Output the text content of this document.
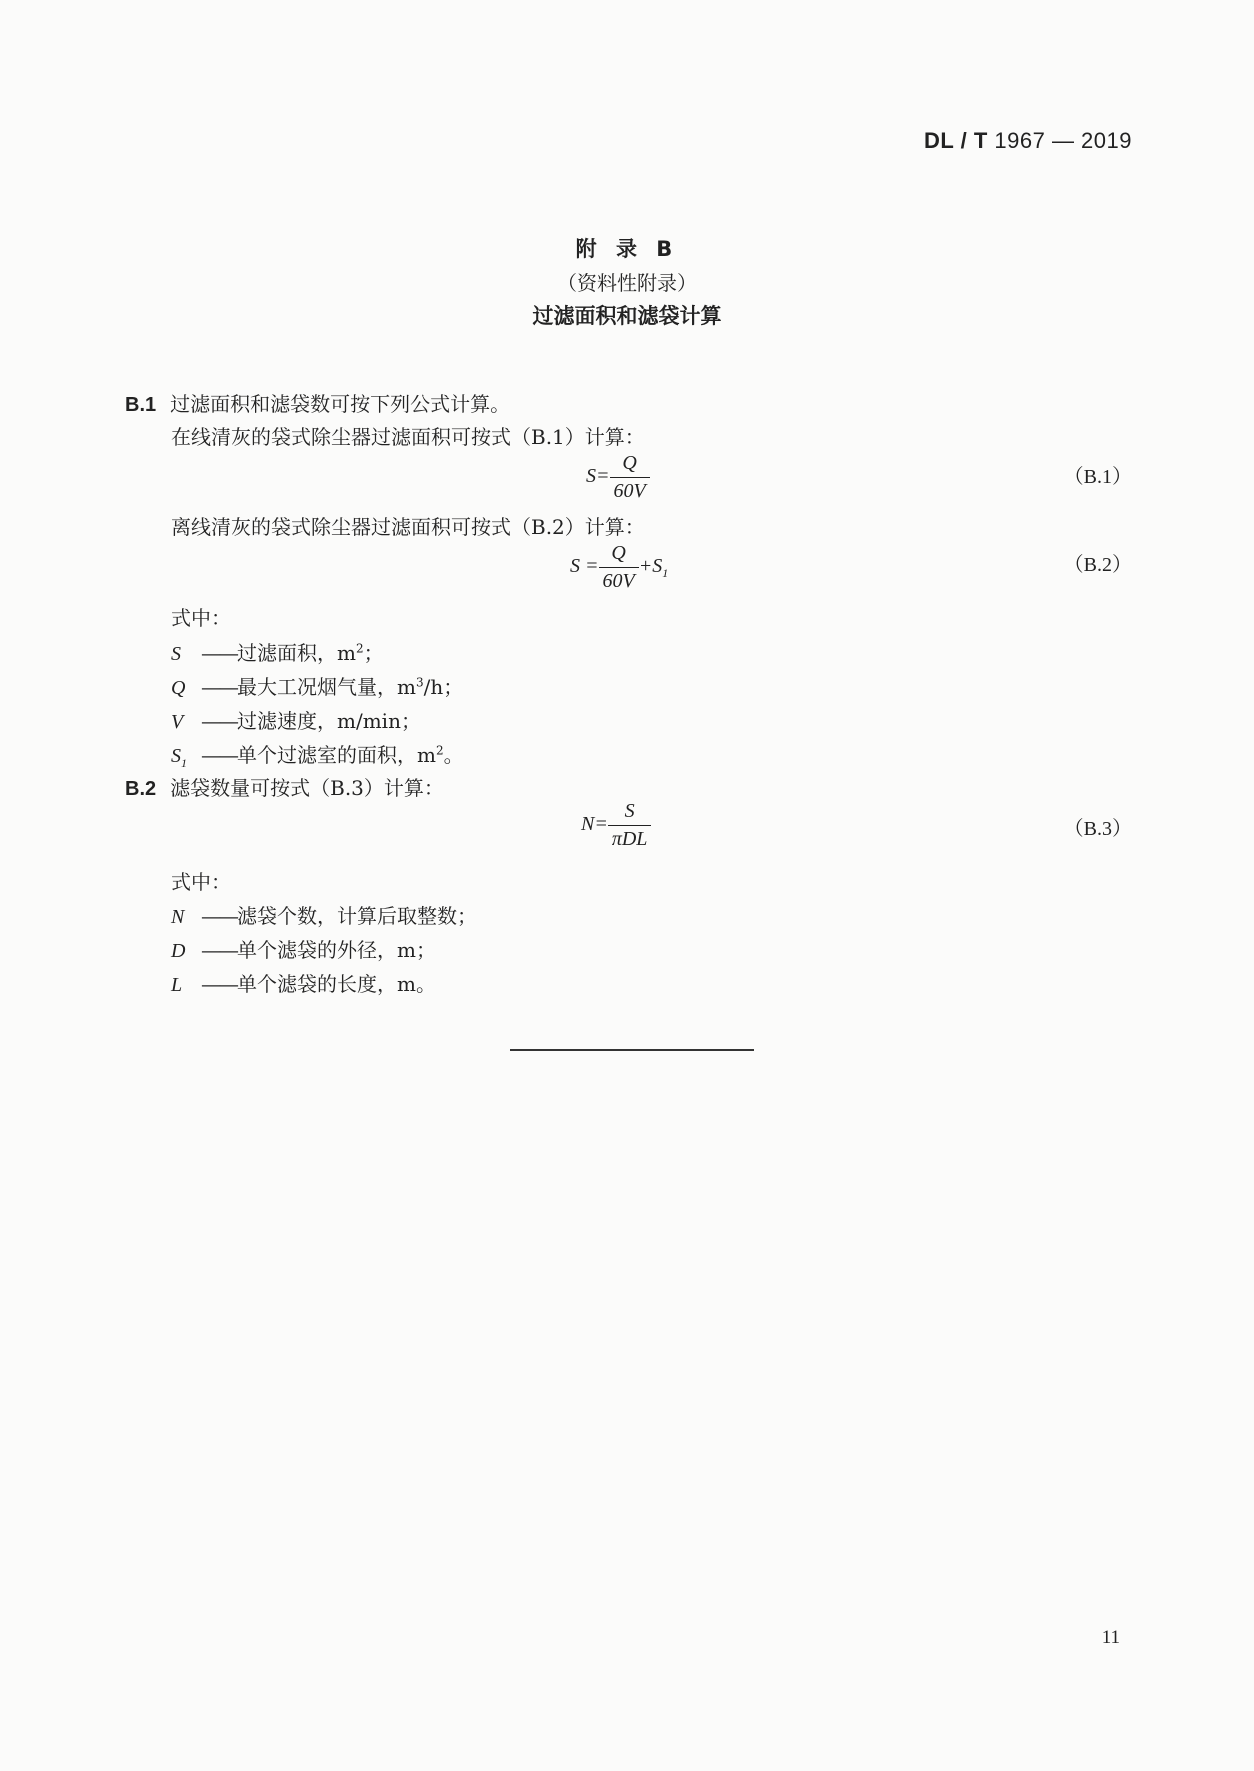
DL / T 1967 — 2019
附 录 B
（资料性附录）
过滤面积和滤袋计算
B.1 过滤面积和滤袋数可按下列公式计算。
在线清灰的袋式除尘器过滤面积可按式（B.1）计算：
$S= \frac{Q}{60V}$	（B.1）
离线清灰的袋式除尘器过滤面积可按式（B.2）计算：
$S = \frac{Q}{60V} +S_1$	（B.2）
式中：
S ——过滤面积，$m^2$；
Q ——最大工况烟气量，$m^3/h$；
V ——过滤速度，m/min；
$S_1$ ——单个过滤室的面积，$m^2$。
B.2 滤袋数量可按式（B.3）计算：
$N= \frac{S}{\text{πDL}}$	（B.3）
式中：
N ——滤袋个数，计算后取整数；
D ——单个滤袋的外径，m；
L ——单个滤袋的长度，m。
11
